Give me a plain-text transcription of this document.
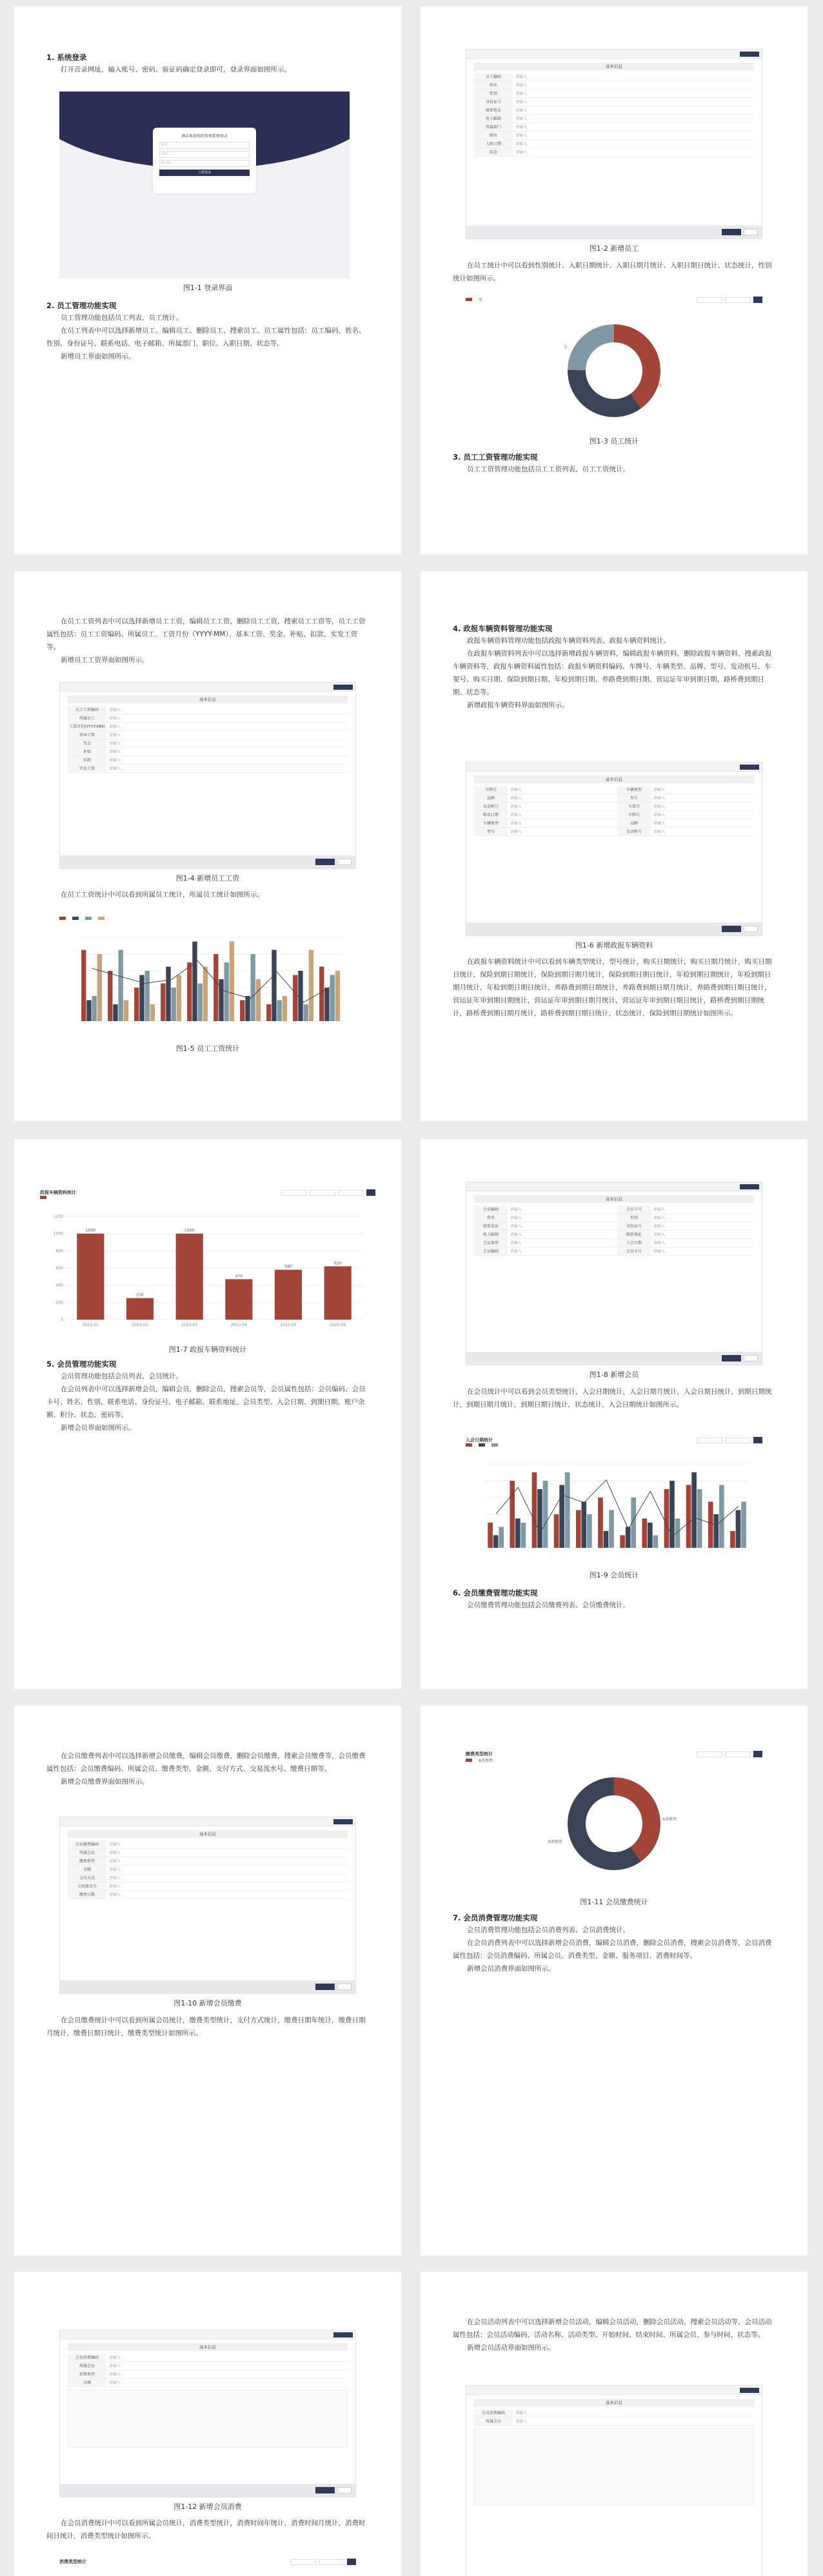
1. 系统登录
打开音录网址，输入账号、密码、验证码确定登录即可，登录界面如图所示。
酒店客房预约管理系统登录
账号
密码
验证码
立即登录
图1-1 登录界面
2. 员工管理功能实现
员工管理功能包括员工列表、员工统计。
在员工列表中可以选择新增员工、编辑员工、删除员工、搜索员工、员工属性包括：员工编码、姓名、性别、身份证号、联系电话、电子邮箱、所属部门、职位、入职日期、状态等。
新增员工界面如图所示。
基本信息
员工编码	请输入
姓名	请输入
性别	请输入
身份证号	请输入
联系电话	请输入
电子邮箱	请输入
所属部门	请输入
职位	请输入
入职日期	请输入
状态	请输入
图1-2 新增员工
在员工统计中可以看到性别统计、入职日期统计、入职日期月统计、入职日期日统计、状态统计，性别统计如图所示。
男
男
女
图1-3 员工统计
3. 员工工资管理功能实现
员工工资管理功能包括员工工资列表、员工工资统计。
在员工工资列表中可以选择新增员工工资，编辑员工工资，删除员工工资，搜索员工工资等，员工工资属性包括：员工工资编码、所属员工、工资月份（YYYY-MM）、基本工资、奖金、补贴、扣款、实发工资等。
新增员工工资界面如图所示。
基本信息
员工工资编码	请输入
所属员工	请输入
工资月份(YYYY-MM)	请输入
基本工资	请输入
奖金	请输入
补贴	请输入
扣款	请输入
实发工资	请输入
图1-4 新增员工工资
在员工工资统计中可以看到所属员工统计，所属员工统计如图所示。
图1-5 员工工资统计
4. 政报车辆资料管理功能实现
政报车辆资料管理功能包括政报车辆资料列表、政报车辆资料统计。
在政报车辆资料列表中可以选择新增政报车辆资料，编辑政报车辆资料，删除政报车辆资料，搜索政报车辆资料等，政报车辆资料属性包括：政报车辆资料编码、车牌号、车辆类型、品牌、型号、发动机号、车架号、购买日期、保险到期日期、年检到期日期、养路费到期日期、营运证年审到期日期、路桥费到期日期、状态等。
新增政报车辆资料界面如图所示。
基本信息
车牌号	请输入	车辆类型	请输入
品牌	请输入	型号	请输入
发动机号	请输入	车架号	请输入
购买日期	请输入	车牌号	请输入
车辆类型	请输入	品牌	请输入
型号	请输入	发动机号	请输入
图1-6 新增政报车辆资料
在政报车辆资料统计中可以看到车辆类型统计，型号统计，购买日期统计，购买日期月统计，购买日期日统计，保险到期日期统计，保险到期日期月统计，保险到期日期日统计，年检到期日期统计，年检到期日期月统计，年检到期日期日统计，养路费到期日期统计，养路费到期日期月统计，养路费到期日期日统计，营运证年审到期日期统计，营运证年审到期日期月统计，营运证年审到期日期日统计，路桥费到期日期统计，路桥费到期日期月统计，路桥费到期日期日统计，状态统计，保险到期日期统计如图所示。
政报车辆资料统计
0
200
400
600
800
1000
1200
1000
2023-01
250
2023-02
1000
2023-03
470
2023-04
580
2023-05
620
2023-06
图1-7 政报车辆资料统计
5. 会员管理功能实现
会员管理功能包括会员列表、会员统计。
在会员列表中可以选择新增会员，编辑会员，删除会员，搜索会员等，会员属性包括：会员编码、会员卡号、姓名、性别、联系电话、身份证号、电子邮箱、联系地址、会员类型、入会日期、到期日期、账户余额、积分、状态、密码等。
新增会员界面如图所示。
基本信息
会员编码	请输入	会员卡号	请输入
姓名	请输入	性别	请输入
联系电话	请输入	身份证号	请输入
电子邮箱	请输入	联系地址	请输入
会员类型	请输入	入会日期	请输入
会员编码	请输入	会员卡号	请输入
图1-8 新增会员
在会员统计中可以看到会员类型统计，入会日期统计，入会日期月统计，入会日期日统计，到期日期统计，到期日期月统计，到期日期日统计，状态统计，入会日期统计如图所示。
入会日期统计
图1-9 会员统计
6. 会员缴费管理功能实现
会员缴费管理功能包括会员缴费列表、会员缴费统计。
在会员缴费列表中可以选择新增会员缴费，编辑会员缴费，删除会员缴费，搜索会员缴费等，会员缴费属性包括：会员缴费编码、所属会员、缴费类型、金额、支付方式、交易流水号、缴费日期等。
新增会员缴费界面如图所示。
基本信息
会员缴费编码	请输入
所属会员	请输入
缴费类型	请输入
金额	请输入
支付方式	请输入
交易流水号	请输入
缴费日期	请输入
图1-10 新增会员缴费
在会员缴费统计中可以看到所属会员统计，缴费类型统计，支付方式统计，缴费日期年统计，缴费日期月统计，缴费日期日统计，缴费类型统计如图所示。
缴费类型统计
A类缴费
A类缴费
B类缴费
图1-11 会员缴费统计
7. 会员消费管理功能实现
会员消费管理功能包括会员消费列表、会员消费统计。
在会员消费列表中可以选择新增会员消费，编辑会员消费，删除会员消费，搜索会员消费等，会员消费属性包括：会员消费编码、所属会员、消费类型、金额、服务项目、消费时间等。
新增会员消费界面如图所示。
基本信息
会员消费编码	请输入
所属会员	请输入
消费类型	请输入
金额	请输入
图1-12 新增会员消费
在会员消费统计中可以看到所属会员统计，消费类型统计，消费时间年统计，消费时间月统计，消费时间日统计，消费类型统计如图所示。
消费类型统计
在会员活动列表中可以选择新增会员活动，编辑会员活动，删除会员活动，搜索会员活动等，会员活动属性包括：会员活动编码、活动名称、活动类型、开始时间、结束时间、所属会员、参与时间、状态等。
新增会员活动界面如图所示。
基本信息
会员消费编码	请输入
所属会员	请输入
